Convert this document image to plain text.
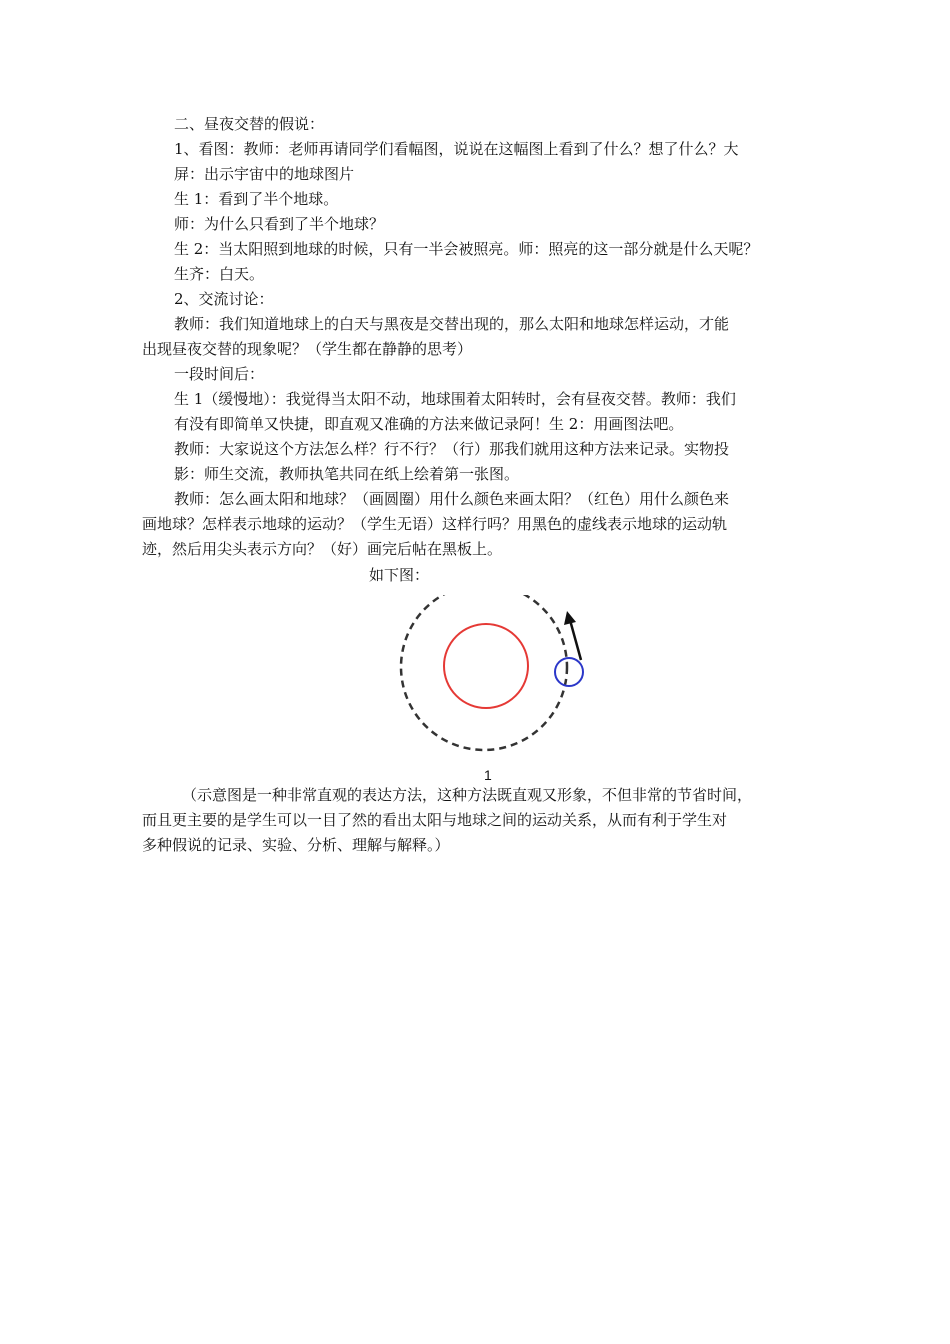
二、昼夜交替的假说：
1、看图：教师：老师再请同学们看幅图，说说在这幅图上看到了什么？想了什么？大
屏：出示宇宙中的地球图片
生 1：看到了半个地球。
师：为什么只看到了半个地球？
生 2：当太阳照到地球的时候，只有一半会被照亮。师：照亮的这一部分就是什么天呢？
生齐：白天。
2、交流讨论：
教师：我们知道地球上的白天与黑夜是交替出现的，那么太阳和地球怎样运动，才能
出现昼夜交替的现象呢？（学生都在静静的思考）
一段时间后：
生 1（缓慢地）：我觉得当太阳不动，地球围着太阳转时，会有昼夜交替。教师：我们
有没有即简单又快捷，即直观又准确的方法来做记录阿！生 2：用画图法吧。
教师：大家说这个方法怎么样？行不行？（行）那我们就用这种方法来记录。实物投
影：师生交流，教师执笔共同在纸上绘着第一张图。
教师：怎么画太阳和地球？（画圆圈）用什么颜色来画太阳？（红色）用什么颜色来
画地球？怎样表示地球的运动？（学生无语）这样行吗？用黑色的虚线表示地球的运动轨
迹，然后用尖头表示方向？（好）画完后帖在黑板上。
如下图：
1
（示意图是一种非常直观的表达方法，这种方法既直观又形象，不但非常的节省时间，
而且更主要的是学生可以一目了然的看出太阳与地球之间的运动关系，从而有利于学生对
多种假说的记录、实验、分析、理解与解释。）
